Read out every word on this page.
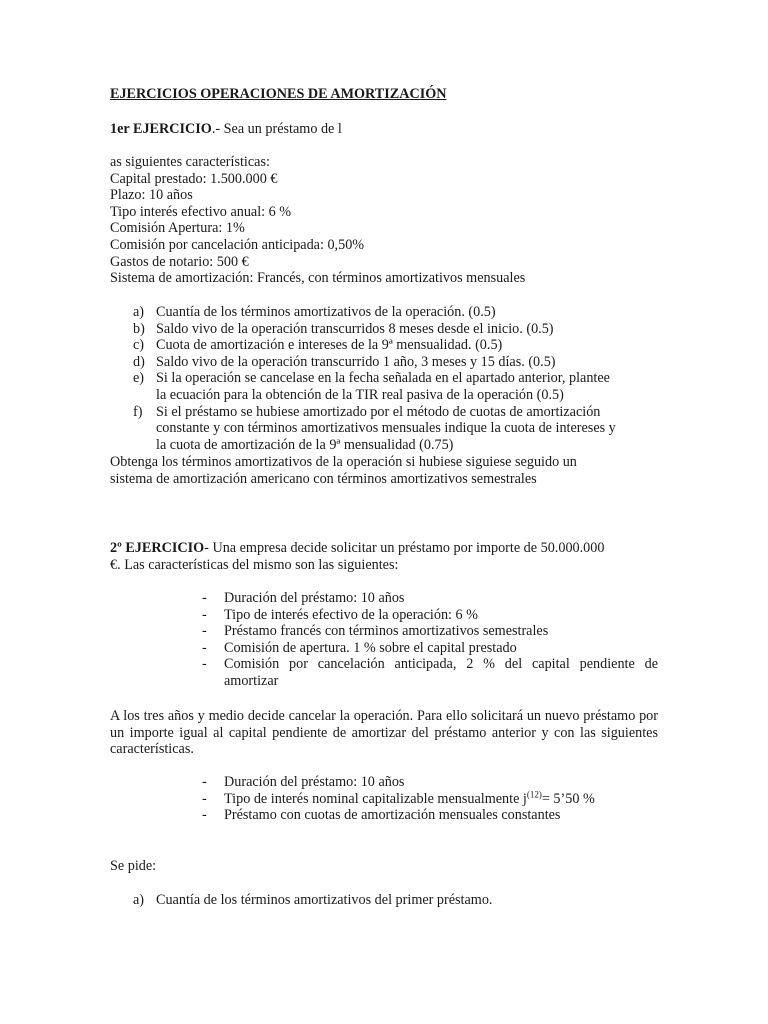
EJERCICIOS OPERACIONES DE AMORTIZACIÓN

1er EJERCICIO.- Sea un préstamo de l

as siguientes características:

Capital prestado: 1.500.000 €

Plazo: 10 años

Tipo interés efectivo anual: 6 %

Comisión Apertura: 1%

Comisión por cancelación anticipada: 0,50%

Gastos de notario: 500 €

Sistema de amortización: Francés, con términos amortizativos mensuales

a) Cuantía de los términos amortizativos de la operación. (0.5)
b) Saldo vivo de la operación transcurridos 8 meses desde el inicio. (0.5)
c) Cuota de amortización e intereses de la 9ª mensualidad. (0.5)
d) Saldo vivo de la operación transcurrido 1 año, 3 meses y 15 días. (0.5)
e) Si la operación se cancelase en la fecha señalada en el apartado anterior, plantee
la ecuación para la obtención de la TIR real pasiva de la operación (0.5)
f) Si el préstamo se hubiese amortizado por el método de cuotas de amortización
constante y con términos amortizativos mensuales indique la cuota de intereses y
la cuota de amortización de la 9ª mensualidad (0.75)

Obtenga los términos amortizativos de la operación si hubiese siguiese seguido un

sistema de amortización americano con términos amortizativos semestrales

2º EJERCICIO- Una empresa decide solicitar un préstamo por importe de 50.000.000

€. Las características del mismo son las siguientes:

- Duración del préstamo: 10 años
- Tipo de interés efectivo de la operación: 6 %
- Préstamo francés con términos amortizativos semestrales
- Comisión de apertura. 1 % sobre el capital prestado
- Comisión por cancelación anticipada, 2 % del capital pendiente de amortizar

A los tres años y medio decide cancelar la operación. Para ello solicitará un nuevo préstamo por un importe igual al capital pendiente de amortizar del préstamo anterior y con las siguientes características.

- Duración del préstamo: 10 años
- Tipo de interés nominal capitalizable mensualmente $j^{(12)}=$ 5’50 %
- Préstamo con cuotas de amortización mensuales constantes

Se pide:

a) Cuantía de los términos amortizativos del primer préstamo.
